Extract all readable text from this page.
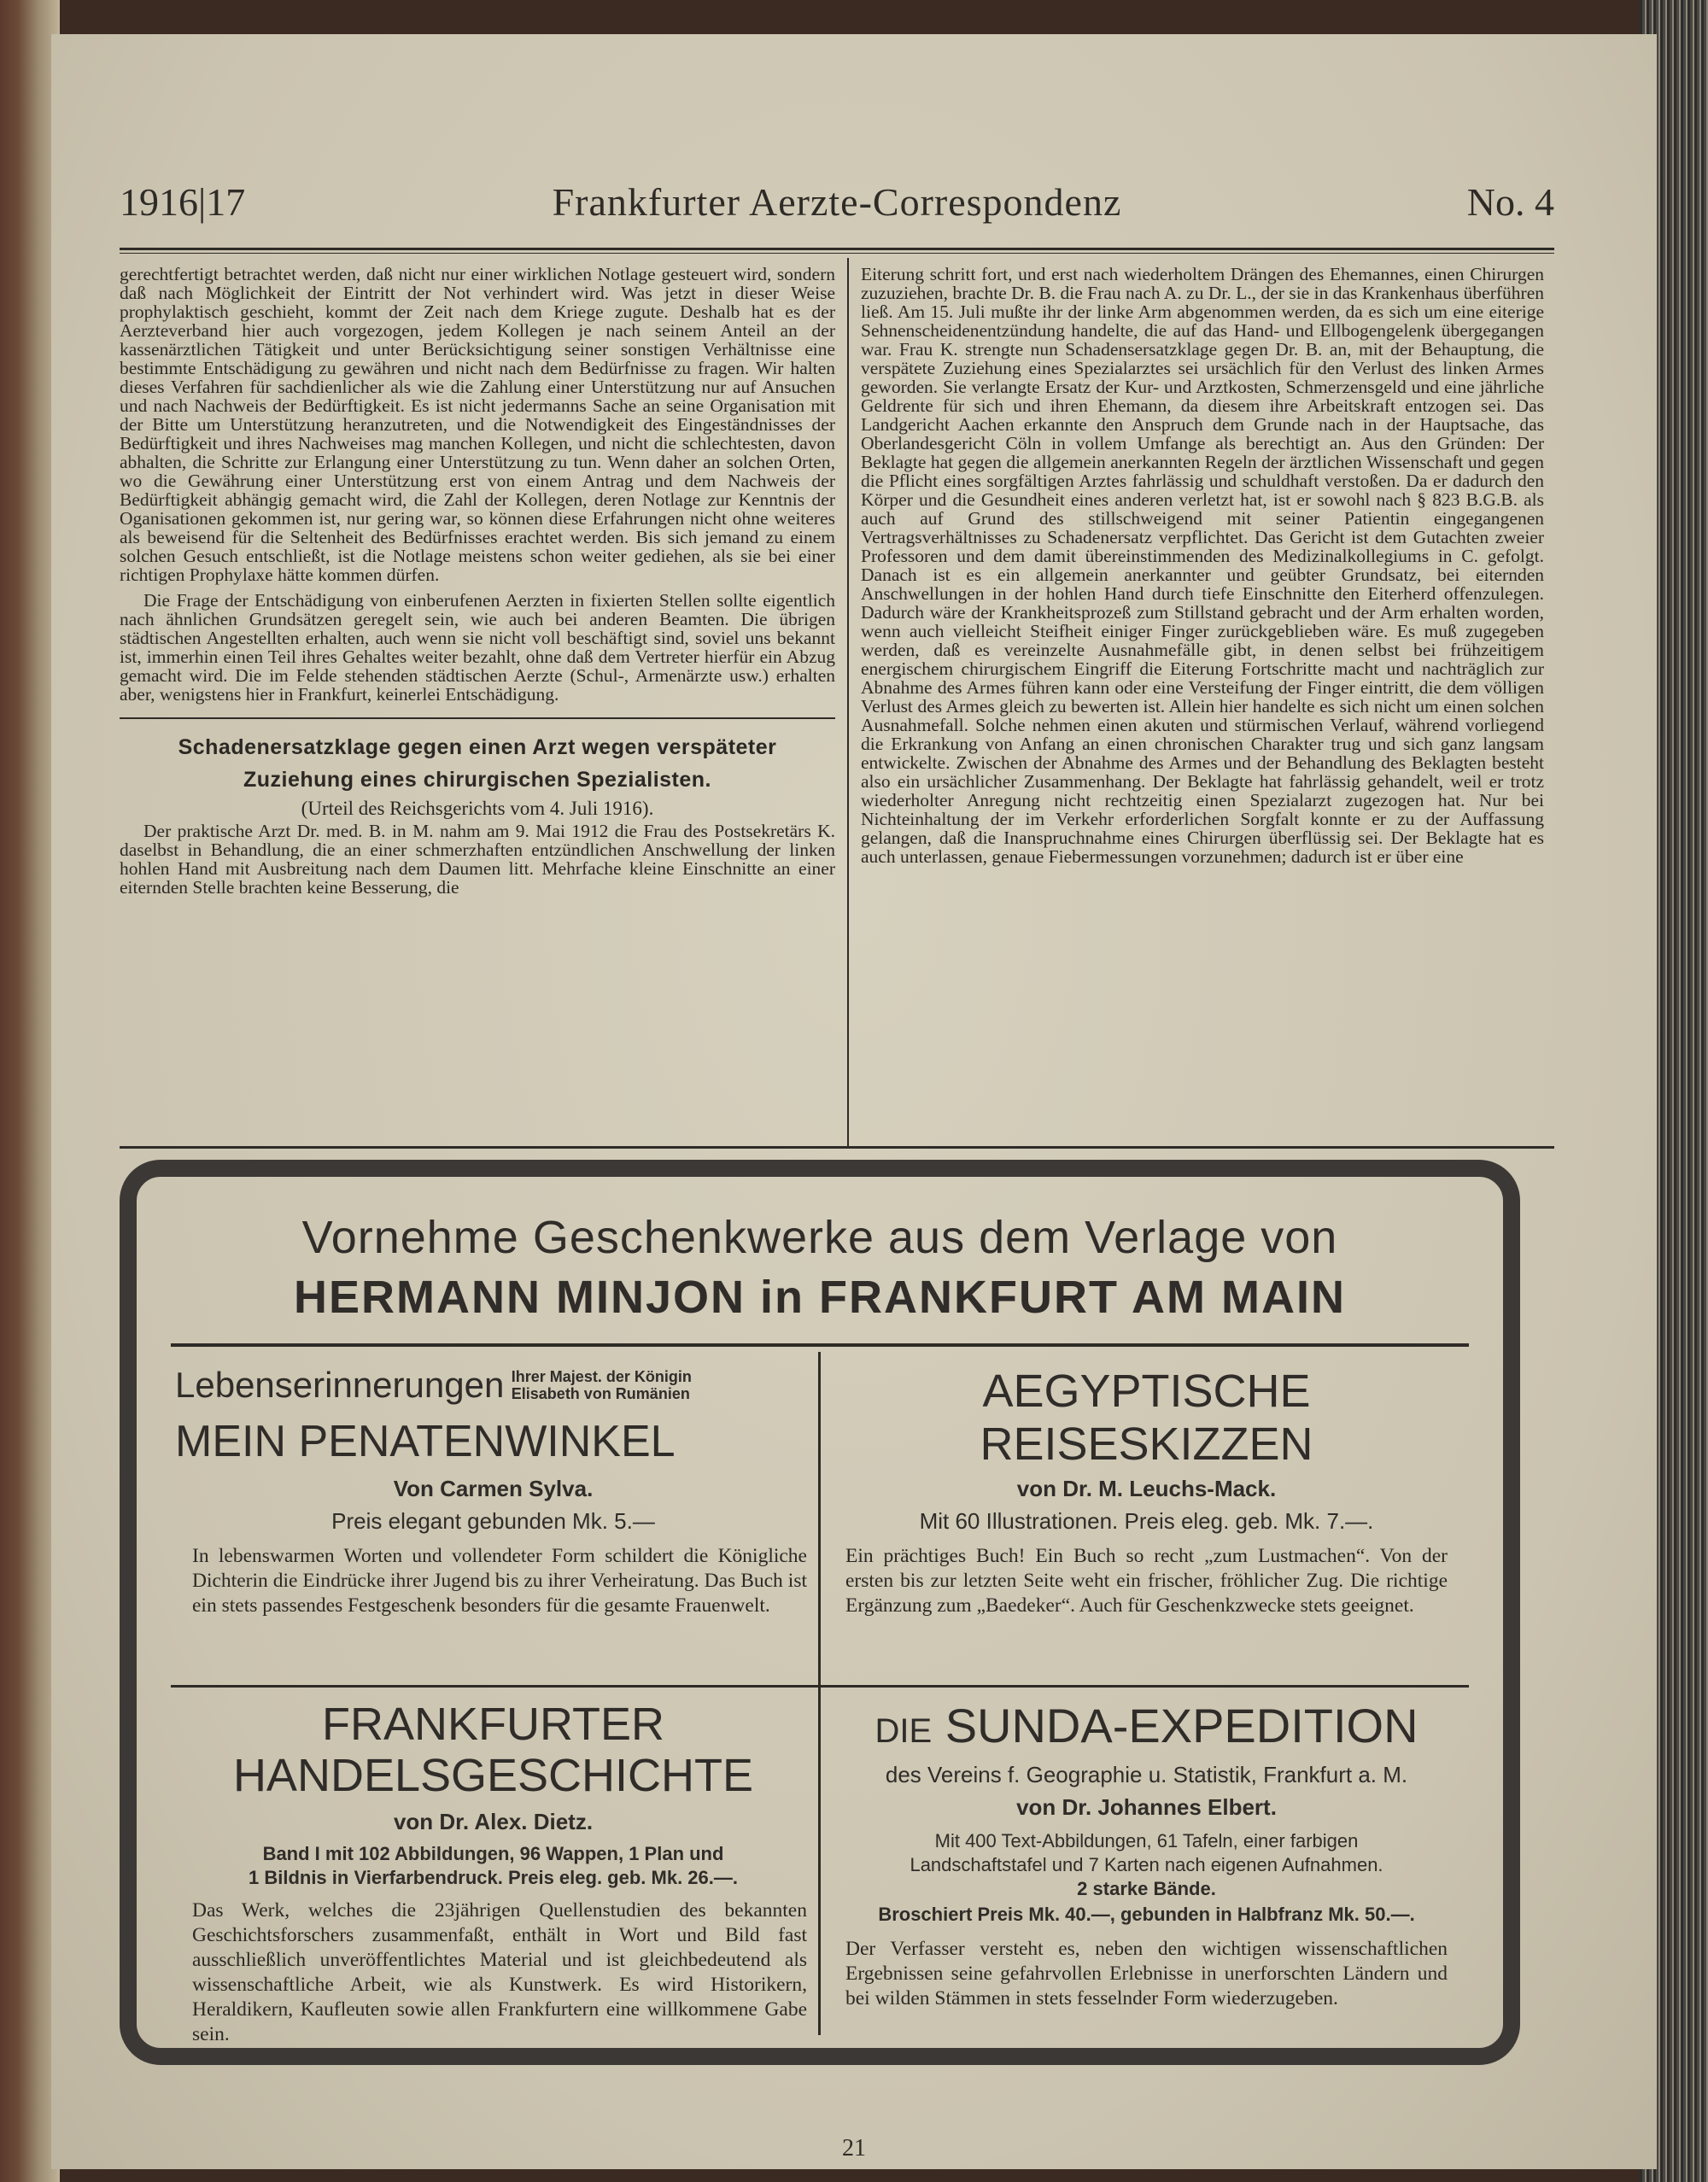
1916|17	Frankfurter Aerzte-Correspondenz	No. 4

gerechtfertigt betrachtet werden, daß nicht nur einer wirklichen Notlage gesteuert wird, sondern daß nach Möglichkeit der Eintritt der Not verhindert wird. Was jetzt in dieser Weise prophylaktisch geschieht, kommt der Zeit nach dem Kriege zugute. Deshalb hat es der Aerzteverband hier auch vorgezogen, jedem Kollegen je nach seinem Anteil an der kassenärztlichen Tätigkeit und unter Berücksichtigung seiner sonstigen Verhältnisse eine bestimmte Entschädigung zu gewähren und nicht nach dem Bedürfnisse zu fragen. Wir halten dieses Verfahren für sachdienlicher als wie die Zahlung einer Unterstützung nur auf Ansuchen und nach Nachweis der Bedürftigkeit. Es ist nicht jedermanns Sache an seine Organisation mit der Bitte um Unterstützung heranzutreten, und die Notwendigkeit des Eingeständnisses der Bedürftigkeit und ihres Nachweises mag manchen Kollegen, und nicht die schlechtesten, davon abhalten, die Schritte zur Erlangung einer Unterstützung zu tun. Wenn daher an solchen Orten, wo die Gewährung einer Unterstützung erst von einem Antrag und dem Nachweis der Bedürftigkeit abhängig gemacht wird, die Zahl der Kollegen, deren Notlage zur Kenntnis der Oganisationen gekommen ist, nur gering war, so können diese Erfahrungen nicht ohne weiteres als beweisend für die Seltenheit des Bedürfnisses erachtet werden. Bis sich jemand zu einem solchen Gesuch entschließt, ist die Notlage meistens schon weiter gediehen, als sie bei einer richtigen Prophylaxe hätte kommen dürfen.

Die Frage der Entschädigung von einberufenen Aerzten in fixierten Stellen sollte eigentlich nach ähnlichen Grundsätzen geregelt sein, wie auch bei anderen Beamten. Die übrigen städtischen Angestellten erhalten, auch wenn sie nicht voll beschäftigt sind, soviel uns bekannt ist, immerhin einen Teil ihres Gehaltes weiter bezahlt, ohne daß dem Vertreter hierfür ein Abzug gemacht wird. Die im Felde stehenden städtischen Aerzte (Schul-, Armenärzte usw.) erhalten aber, wenigstens hier in Frankfurt, keinerlei Entschädigung.

Schadenersatzklage gegen einen Arzt wegen verspäteter

Zuziehung eines chirurgischen Spezialisten.

(Urteil des Reichsgerichts vom 4. Juli 1916).

Der praktische Arzt Dr. med. B. in M. nahm am 9. Mai 1912 die Frau des Postsekretärs K. daselbst in Behandlung, die an einer schmerzhaften entzündlichen Anschwellung der linken hohlen Hand mit Ausbreitung nach dem Daumen litt. Mehrfache kleine Einschnitte an einer eiternden Stelle brachten keine Besserung, die

Eiterung schritt fort, und erst nach wiederholtem Drängen des Ehemannes, einen Chirurgen zuzuziehen, brachte Dr. B. die Frau nach A. zu Dr. L., der sie in das Krankenhaus überführen ließ. Am 15. Juli mußte ihr der linke Arm abgenommen werden, da es sich um eine eiterige Sehnenscheidenentzündung handelte, die auf das Hand- und Ellbogengelenk übergegangen war. Frau K. strengte nun Schadensersatzklage gegen Dr. B. an, mit der Behauptung, die verspätete Zuziehung eines Spezialarztes sei ursächlich für den Verlust des linken Armes geworden. Sie verlangte Ersatz der Kur- und Arztkosten, Schmerzensgeld und eine jährliche Geldrente für sich und ihren Ehemann, da diesem ihre Arbeitskraft entzogen sei. Das Landgericht Aachen erkannte den Anspruch dem Grunde nach in der Hauptsache, das Oberlandesgericht Cöln in vollem Umfange als berechtigt an. Aus den Gründen: Der Beklagte hat gegen die allgemein anerkannten Regeln der ärztlichen Wissenschaft und gegen die Pflicht eines sorgfältigen Arztes fahrlässig und schuldhaft verstoßen. Da er dadurch den Körper und die Gesundheit eines anderen verletzt hat, ist er sowohl nach § 823 B.G.B. als auch auf Grund des stillschweigend mit seiner Patientin eingegangenen Vertragsverhältnisses zu Schadenersatz verpflichtet. Das Gericht ist dem Gutachten zweier Professoren und dem damit übereinstimmenden des Medizinalkollegiums in C. gefolgt. Danach ist es ein allgemein anerkannter und geübter Grundsatz, bei eiternden Anschwellungen in der hohlen Hand durch tiefe Einschnitte den Eiterherd offenzulegen. Dadurch wäre der Krankheitsprozeß zum Stillstand gebracht und der Arm erhalten worden, wenn auch vielleicht Steifheit einiger Finger zurückgeblieben wäre. Es muß zugegeben werden, daß es vereinzelte Ausnahmefälle gibt, in denen selbst bei frühzeitigem energischem chirurgischem Eingriff die Eiterung Fortschritte macht und nachträglich zur Abnahme des Armes führen kann oder eine Versteifung der Finger eintritt, die dem völligen Verlust des Armes gleich zu bewerten ist. Allein hier handelte es sich nicht um einen solchen Ausnahmefall. Solche nehmen einen akuten und stürmischen Verlauf, während vorliegend die Erkrankung von Anfang an einen chronischen Charakter trug und sich ganz langsam entwickelte. Zwischen der Abnahme des Armes und der Behandlung des Beklagten besteht also ein ursächlicher Zusammenhang. Der Beklagte hat fahrlässig gehandelt, weil er trotz wiederholter Anregung nicht rechtzeitig einen Spezialarzt zugezogen hat. Nur bei Nichteinhaltung der im Verkehr erforderlichen Sorgfalt konnte er zu der Auffassung gelangen, daß die Inanspruchnahme eines Chirurgen überflüssig sei. Der Beklagte hat es auch unterlassen, genaue Fiebermessungen vorzunehmen; dadurch ist er über eine

Vornehme Geschenkwerke aus dem Verlage von
HERMANN MINJON in FRANKFURT AM MAIN
Lebenserinnerungen Ihrer Majest. der Königin
Elisabeth von Rumänien
MEIN PENATENWINKEL
Von Carmen Sylva.
Preis elegant gebunden Mk. 5.—
In lebenswarmen Worten und vollendeter Form schildert die Königliche Dichterin die Eindrücke ihrer Jugend bis zu ihrer Verheiratung. Das Buch ist ein stets passendes Festgeschenk besonders für die gesamte Frauenwelt.
AEGYPTISCHE
REISESKIZZEN
von Dr. M. Leuchs-Mack.
Mit 60 Illustrationen. Preis eleg. geb. Mk. 7.—.
Ein prächtiges Buch! Ein Buch so recht „zum Lustmachen“. Von der ersten bis zur letzten Seite weht ein frischer, fröhlicher Zug. Die richtige Ergänzung zum „Baedeker“. Auch für Geschenkzwecke stets geeignet.
FRANKFURTER
HANDELSGESCHICHTE
von Dr. Alex. Dietz.
Band I mit 102 Abbildungen, 96 Wappen, 1 Plan und
1 Bildnis in Vierfarbendruck. Preis eleg. geb. Mk. 26.—.
Das Werk, welches die 23jährigen Quellenstudien des bekannten Geschichtsforschers zusammenfaßt, enthält in Wort und Bild fast ausschließlich unveröffentlichtes Material und ist gleichbedeutend als wissenschaftliche Arbeit, wie als Kunstwerk. Es wird Historikern, Heraldikern, Kaufleuten sowie allen Frankfurtern eine willkommene Gabe sein.
DIE SUNDA-EXPEDITION
des Vereins f. Geographie u. Statistik, Frankfurt a. M.
von Dr. Johannes Elbert.
Mit 400 Text-Abbildungen, 61 Tafeln, einer farbigen
Landschaftstafel und 7 Karten nach eigenen Aufnahmen.
2 starke Bände.
Broschiert Preis Mk. 40.—, gebunden in Halbfranz Mk. 50.—.
Der Verfasser versteht es, neben den wichtigen wissenschaftlichen Ergebnissen seine gefahrvollen Erlebnisse in unerforschten Ländern und bei wilden Stämmen in stets fesselnder Form wiederzugeben.
21
